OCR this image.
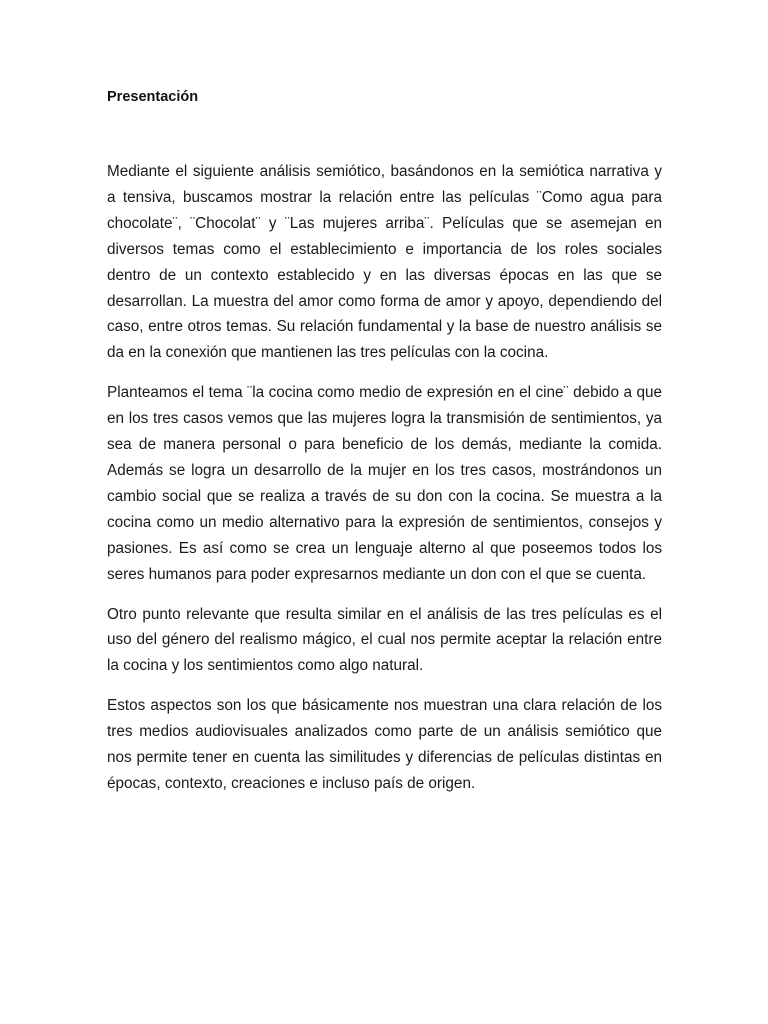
Presentación

Mediante el siguiente análisis semiótico, basándonos en la semiótica narrativa y a tensiva, buscamos mostrar la relación entre las películas ¨Como agua para chocolate¨, ¨Chocolat¨ y ¨Las mujeres arriba¨. Películas que se asemejan en diversos temas como el establecimiento e importancia de los roles sociales dentro de un contexto establecido y en las diversas épocas en las que se desarrollan. La muestra del amor como forma de amor y apoyo, dependiendo del caso, entre otros temas. Su relación fundamental y la base de nuestro análisis se da en la conexión que mantienen las tres películas con la cocina.

Planteamos el tema ¨la cocina como medio de expresión en el cine¨ debido a que en los tres casos vemos que las mujeres logra la transmisión de sentimientos, ya sea de manera personal o para beneficio de los demás, mediante la comida. Además se logra un desarrollo de la mujer en los tres casos, mostrándonos un cambio social que se realiza a través de su don con la cocina. Se muestra a la cocina como un medio alternativo para la expresión de sentimientos, consejos y pasiones. Es así como se crea un lenguaje alterno al que poseemos todos los seres humanos para poder expresarnos mediante un don con el que se cuenta.

Otro punto relevante que resulta similar en el análisis de las tres películas es el uso del género del realismo mágico, el cual nos permite aceptar la relación entre la cocina y los sentimientos como algo natural.

Estos aspectos son los que básicamente nos muestran una clara relación de los tres medios audiovisuales analizados como parte de un análisis semiótico que nos permite tener en cuenta las similitudes y diferencias de películas distintas en épocas, contexto, creaciones e incluso país de origen.
